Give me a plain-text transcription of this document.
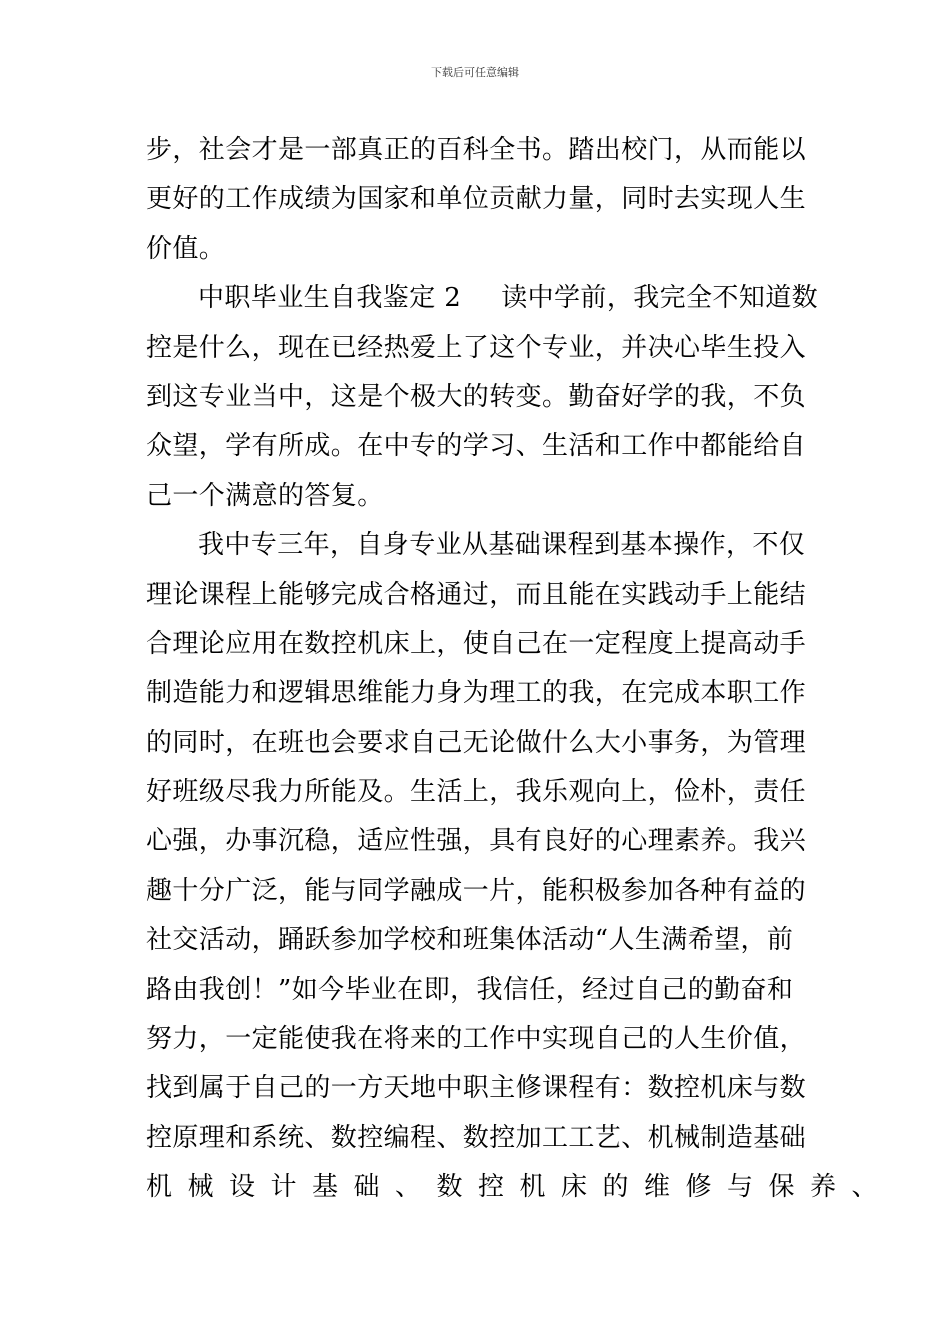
下载后可任意编辑
步，社会才是一部真正的百科全书。踏出校门，从而能以
更好的工作成绩为国家和单位贡献力量，同时去实现人生
价值。
中职毕业生自我鉴定 2 读中学前，我完全不知道数
控是什么，现在已经热爱上了这个专业，并决心毕生投入
到这专业当中，这是个极大的转变。勤奋好学的我，不负
众望，学有所成。在中专的学习、生活和工作中都能给自
己一个满意的答复。
我中专三年，自身专业从基础课程到基本操作，不仅
理论课程上能够完成合格通过，而且能在实践动手上能结
合理论应用在数控机床上，使自己在一定程度上提高动手
制造能力和逻辑思维能力身为理工的我，在完成本职工作
的同时，在班也会要求自己无论做什么大小事务，为管理
好班级尽我力所能及。生活上，我乐观向上，俭朴，责任
心强，办事沉稳，适应性强，具有良好的心理素养。我兴
趣十分广泛，能与同学融成一片，能积极参加各种有益的
社交活动，踊跃参加学校和班集体活动“人生满希望，前
路由我创！”如今毕业在即，我信任，经过自己的勤奋和
努力，一定能使我在将来的工作中实现自己的人生价值，
找到属于自己的一方天地中职主修课程有：数控机床与数
控原理和系统、数控编程、数控加工工艺、机械制造基础
机械设计基础、数控机床的维修与保养、
